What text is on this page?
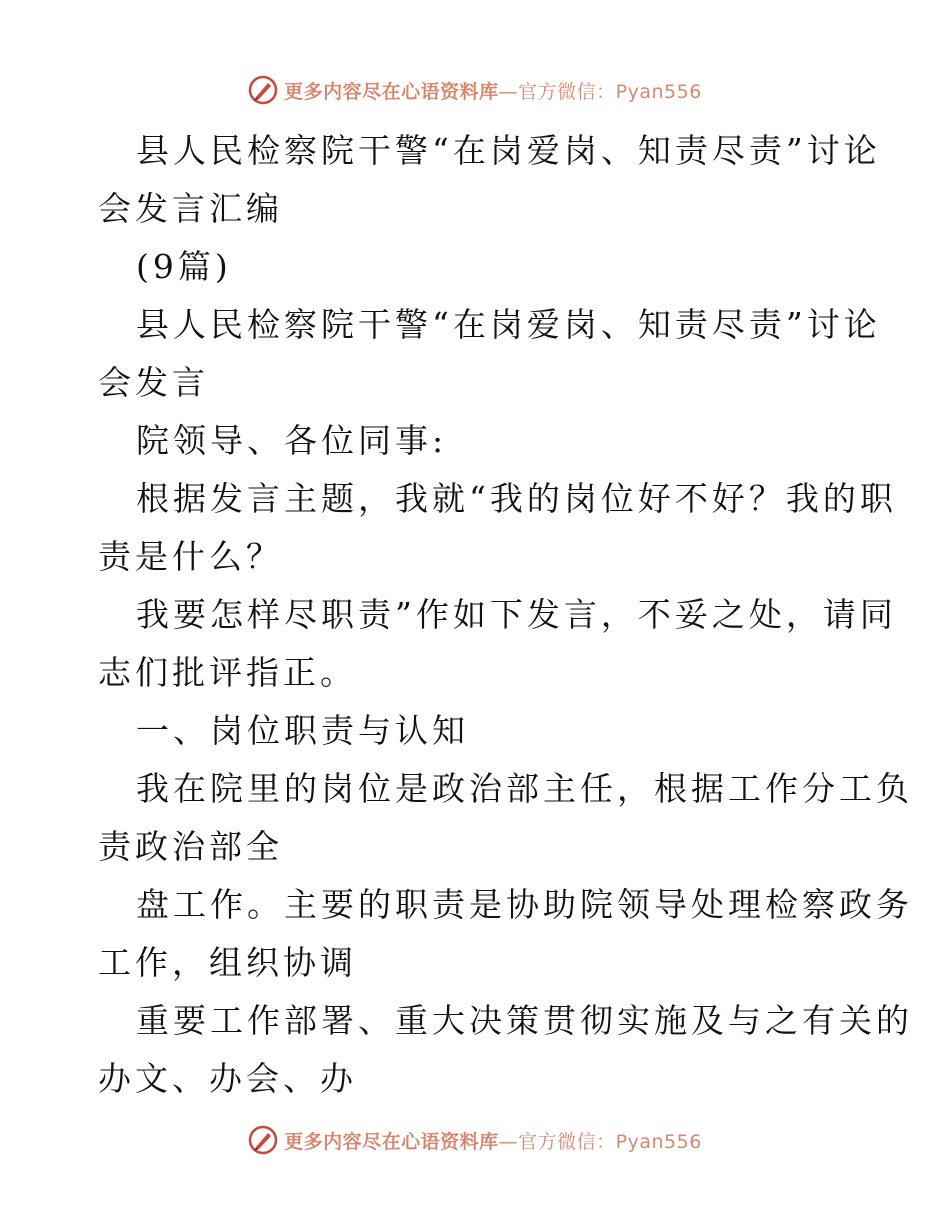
更多内容尽在心语资料库—官方微信：Pyan556
县人民检察院干警“在岗爱岗、知责尽责”讨论
会发言汇编
(9篇)
县人民检察院干警“在岗爱岗、知责尽责”讨论
会发言
院领导、各位同事:
根据发言主题，我就“我的岗位好不好？我的职
责是什么？
我要怎样尽职责”作如下发言，不妥之处，请同
志们批评指正。
一、岗位职责与认知
我在院里的岗位是政治部主任，根据工作分工负
责政治部全
盘工作。主要的职责是协助院领导处理检察政务
工作，组织协调
重要工作部署、重大决策贯彻实施及与之有关的
办文、办会、办
更多内容尽在心语资料库—官方微信：Pyan556
